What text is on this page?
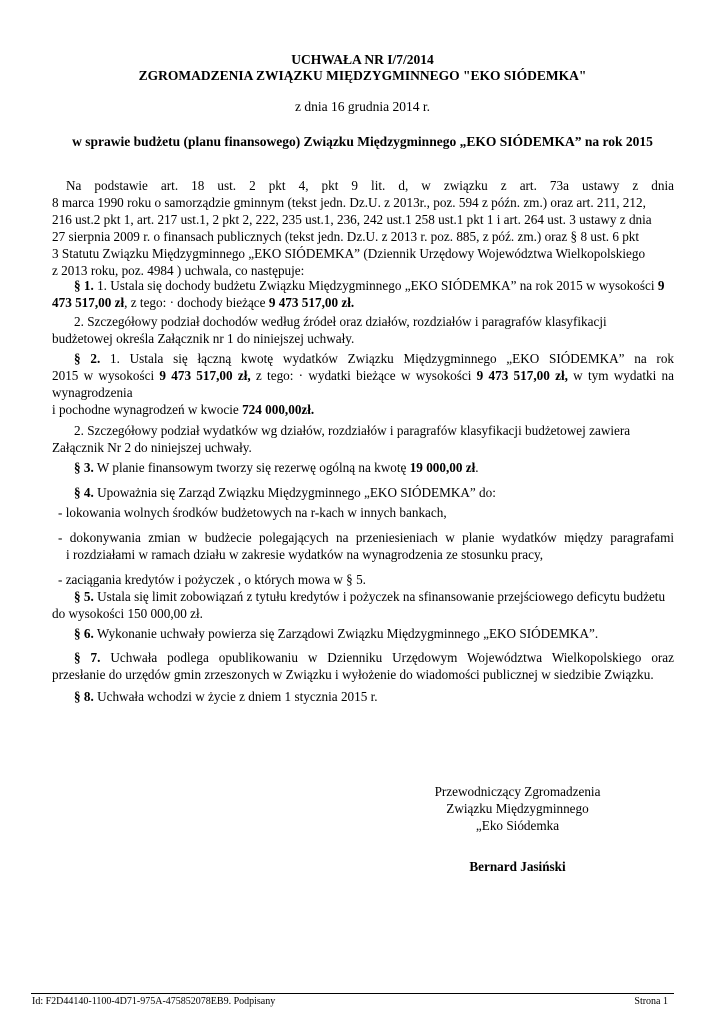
UCHWAŁA NR I/7/2014
ZGROMADZENIA ZWIĄZKU MIĘDZYGMINNEGO "EKO SIÓDEMKA"
z dnia 16 grudnia 2014 r.
w sprawie budżetu (planu finansowego) Związku Międzygminnego „EKO SIÓDEMKA” na rok 2015
Na podstawie art. 18 ust. 2 pkt 4, pkt 9 lit. d, w związku z art. 73a ustawy z dnia
8 marca 1990 roku o samorządzie gminnym (tekst jedn. Dz.U. z 2013r., poz. 594 z późn. zm.) oraz art. 211, 212,
216 ust.2 pkt 1, art. 217 ust.1, 2 pkt 2, 222, 235 ust.1, 236, 242 ust.1 258 ust.1 pkt 1 i art. 264 ust. 3 ustawy z dnia
27 sierpnia 2009 r. o finansach publicznych (tekst jedn. Dz.U. z 2013 r. poz. 885, z póź. zm.) oraz § 8 ust. 6 pkt
3 Statutu Związku Międzygminnego „EKO SIÓDEMKA” (Dziennik Urzędowy Województwa Wielkopolskiego
z 2013 roku, poz. 4984 ) uchwala, co następuje:
§ 1. 1. Ustala się dochody budżetu Związku Międzygminnego „EKO SIÓDEMKA” na rok 2015 w wysokości 9
473 517,00 zł, z tego: · dochody bieżące 9 473 517,00 zł.
2. Szczegółowy podział dochodów według źródeł oraz działów, rozdziałów i paragrafów klasyfikacji
budżetowej określa Załącznik nr 1 do niniejszej uchwały.
§ 2. 1. Ustala się łączną kwotę wydatków Związku Międzygminnego „EKO SIÓDEMKA” na rok
2015 w wysokości 9 473 517,00 zł, z tego: · wydatki bieżące w wysokości 9 473 517,00 zł, w tym wydatki na
wynagrodzenia
i pochodne wynagrodzeń w kwocie 724 000,00zł.
2. Szczegółowy podział wydatków wg działów, rozdziałów i paragrafów klasyfikacji budżetowej zawiera
Załącznik Nr 2 do niniejszej uchwały.
§ 3. W planie finansowym tworzy się rezerwę ogólną na kwotę 19 000,00 zł.
§ 4. Upoważnia się Zarząd Związku Międzygminnego „EKO SIÓDEMKA” do:
- lokowania wolnych środków budżetowych na r-kach w innych bankach,
- dokonywania zmian w budżecie polegających na przeniesieniach w planie wydatków między paragrafami
i rozdziałami w ramach działu w zakresie wydatków na wynagrodzenia ze stosunku pracy,
- zaciągania kredytów i pożyczek , o których mowa w § 5.
§ 5. Ustala się limit zobowiązań z tytułu kredytów i pożyczek na sfinansowanie przejściowego deficytu budżetu
do wysokości 150 000,00 zł.
§ 6. Wykonanie uchwały powierza się Zarządowi Związku Międzygminnego „EKO SIÓDEMKA”.
§ 7. Uchwała podlega opublikowaniu w Dzienniku Urzędowym Województwa Wielkopolskiego oraz
przesłanie do urzędów gmin zrzeszonych w Związku i wyłożenie do wiadomości publicznej w siedzibie Związku.
§ 8. Uchwała wchodzi w życie z dniem 1 stycznia 2015 r.
Przewodniczący Zgromadzenia
Związku Międzygminnego
„Eko Siódemka
Bernard Jasiński
Id: F2D44140-1100-4D71-975A-475852078EB9. Podpisany	Strona 1
